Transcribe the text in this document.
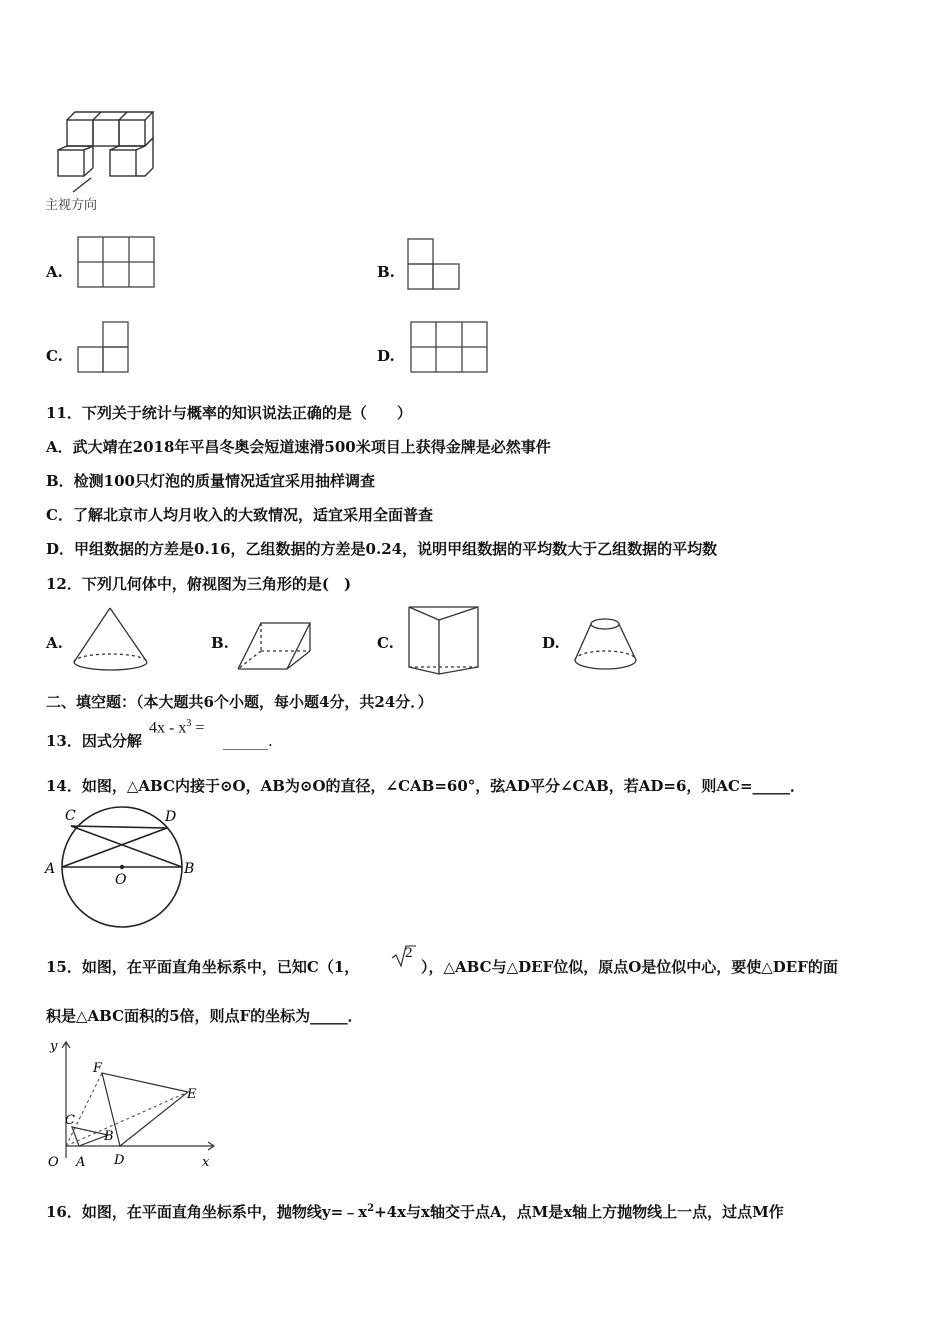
主视方向
A.	B.
C.	D.
11．下列关于统计与概率的知识说法正确的是（　　）
A．武大靖在2018年平昌冬奥会短道速滑500米项目上获得金牌是必然事件
B．检测100只灯泡的质量情况适宜采用抽样调查
C．了解北京市人均月收入的大致情况，适宜采用全面普查
D．甲组数据的方差是0.16，乙组数据的方差是0.24，说明甲组数据的平均数大于乙组数据的平均数
12．下列几何体中，俯视图为三角形的是(　)
A.	B.	C.	D.
二、填空题：（本大题共6个小题，每小题4分，共24分．）
13．因式分解
$4x - x^3$ =
______.
14．如图，△ABC内接于⊙O，AB为⊙O的直径，∠CAB=60°，弦AD平分∠CAB，若AD=6，则AC=_____．
A	B
C	D
O
15．如图，在平面直角坐标系中，已知C（1，
2
），△ABC与△DEF位似，原点O是位似中心，要使△DEF的面
积是△ABC面积的5倍，则点F的坐标为_____．
y
x
O A D
B
C
E
F
16．如图，在平面直角坐标系中，抛物线$y=﹣x^2+4x$与x轴交于点A，点M是x轴上方抛物线上一点，过点M作
